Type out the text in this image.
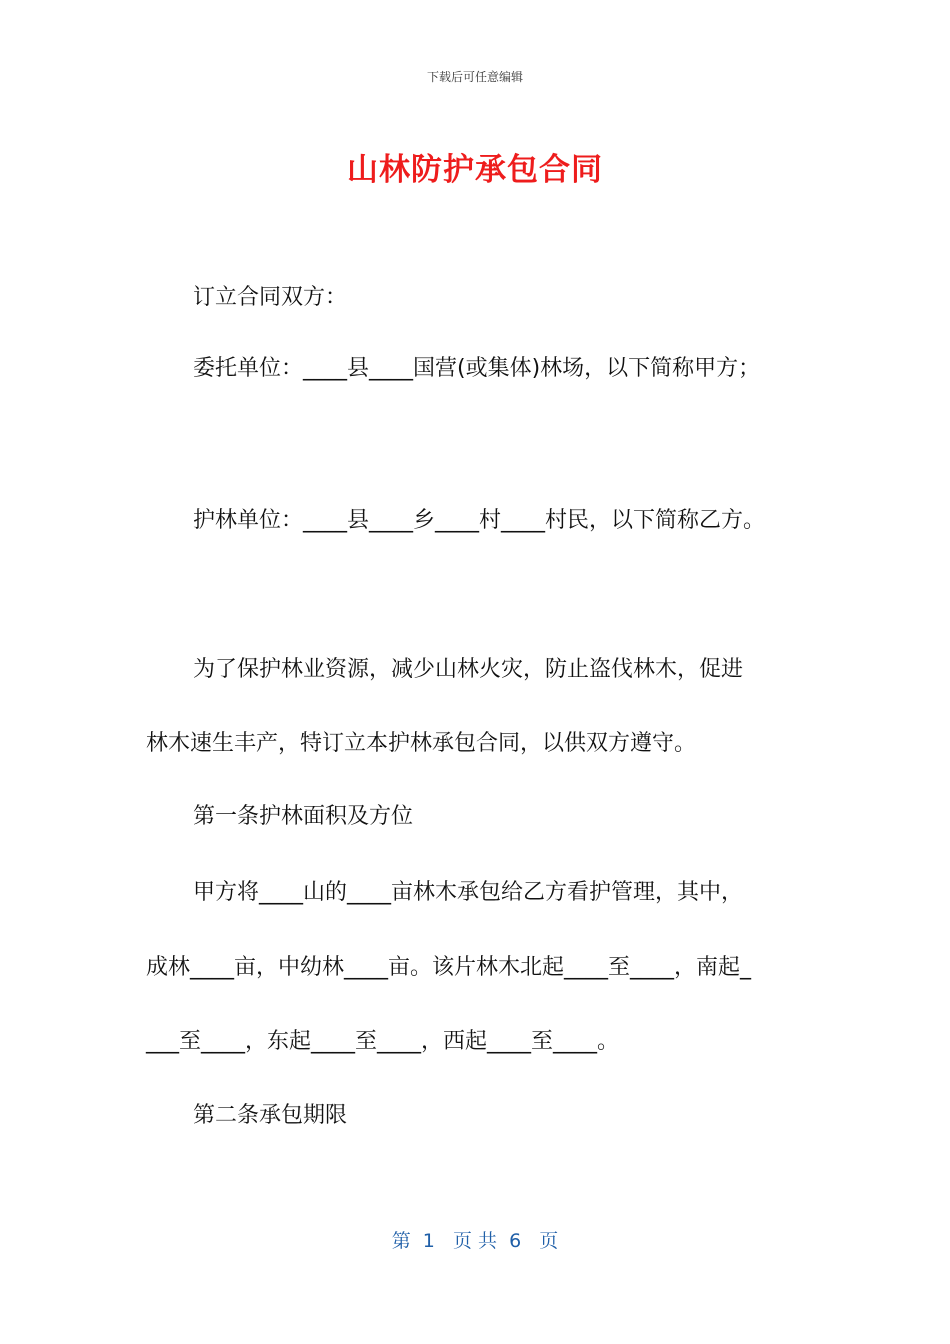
下载后可任意编辑
山林防护承包合同
订立合同双方：
委托单位：____县____国营(或集体)林场，以下简称甲方；
护林单位：____县____乡____村____村民，以下简称乙方。
为了保护林业资源，减少山林火灾，防止盗伐林木，促进
林木速生丰产，特订立本护林承包合同，以供双方遵守。
第一条护林面积及方位
甲方将____山的____亩林木承包给乙方看护管理，其中，
成林____亩，中幼林____亩。该片林木北起____至____，南起_
___至____，东起____至____，西起____至____。
第二条承包期限
第  1   页 共  6   页
